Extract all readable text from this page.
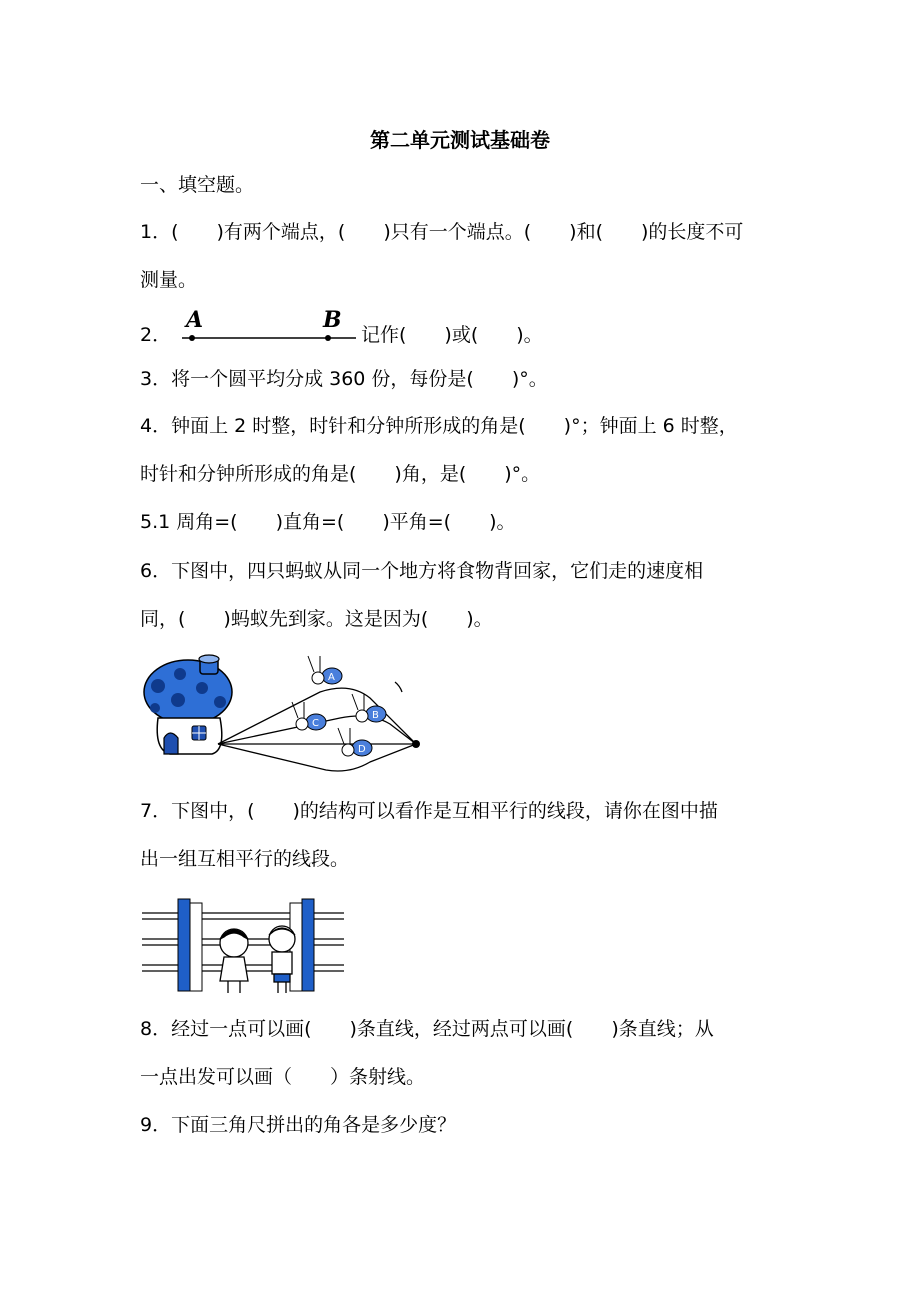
第二单元测试基础卷
一、填空题。
1．(　　)有两个端点，(　　)只有一个端点。(　　)和(　　)的长度不可
测量。
2．
A	B
记作(　　)或(　　)。
3．将一个圆平均分成 360 份，每份是(　　)°。
4．钟面上 2 时整，时针和分钟所形成的角是(　　)°；钟面上 6 时整，
时针和分钟所形成的角是(　　)角，是(　　)°。
5.1 周角=(　　)直角=(　　)平角=(　　)。
6．下图中，四只蚂蚁从同一个地方将食物背回家，它们走的速度相
同，(　　)蚂蚁先到家。这是因为(　　)。
A
B
C
D
7．下图中，(　　)的结构可以看作是互相平行的线段，请你在图中描
出一组互相平行的线段。
8．经过一点可以画(　　)条直线，经过两点可以画(　　)条直线；从
一点出发可以画（　　）条射线。
9．下面三角尺拼出的角各是多少度？
